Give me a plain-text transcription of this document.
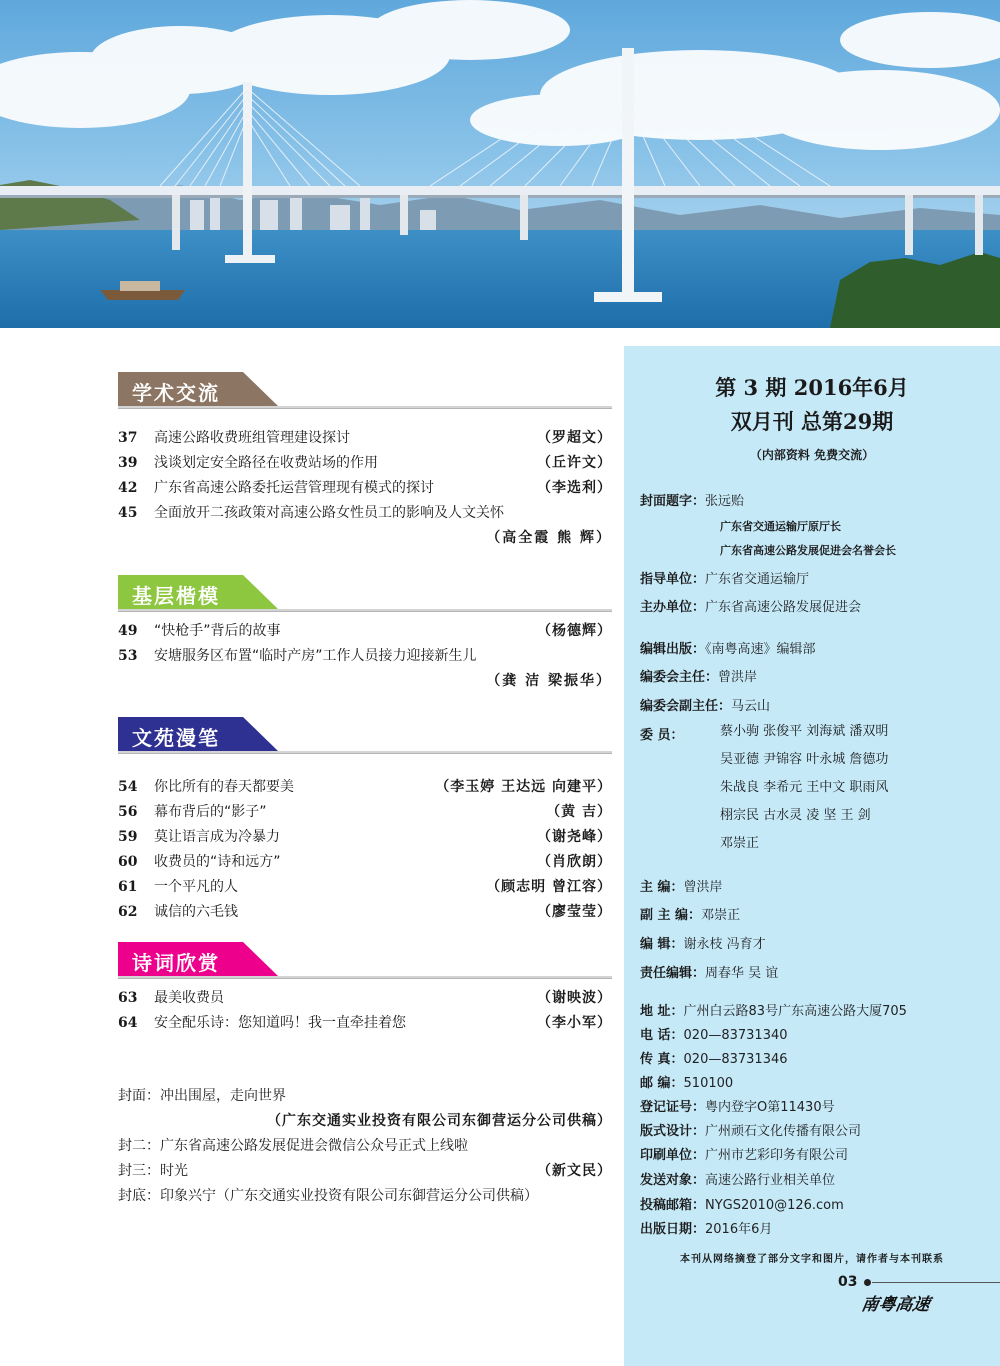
学术交流
37 高速公路收费班组管理建设探讨	（罗超文）
39 浅谈划定安全路径在收费站场的作用	（丘许文）
42 广东省高速公路委托运营管理现有模式的探讨	（李选利）
45 全面放开二孩政策对高速公路女性员工的影响及人文关怀
（高全霞 熊 辉）
基层楷模
49 “快枪手”背后的故事	（杨德辉）
53 安塘服务区布置“临时产房”工作人员接力迎接新生儿
（龚 洁 梁振华）
文苑漫笔
54 你比所有的春天都要美	（李玉婷 王达远 向建平）
56 幕布背后的“影子”	（黄 吉）
59 莫让语言成为冷暴力	（谢尧峰）
60 收费员的“诗和远方”	（肖欣朗）
61 一个平凡的人	（顾志明 曾江容）
62 诚信的六毛钱	（廖莹莹）
诗词欣赏
63 最美收费员	（谢映波）
64 安全配乐诗：您知道吗！我一直牵挂着您	（李小军）
封面：冲出围屋，走向世界
（广东交通实业投资有限公司东御营运分公司供稿）
封二：广东省高速公路发展促进会微信公众号正式上线啦
封三：时光	（新文民）
封底：印象兴宁（广东交通实业投资有限公司东御营运分公司供稿）
第 3 期 2016年6月
双月刊 总第29期
（内部资料 免费交流）
封面题字：张远贻
广东省交通运输厅原厅长
广东省高速公路发展促进会名誉会长
指导单位：广东省交通运输厅
主办单位：广东省高速公路发展促进会
编辑出版：《南粤高速》编辑部
编委会主任：曾洪岸
编委会副主任：马云山
委 员：	蔡小驹 张俊平 刘海斌 潘双明
吴亚德 尹锦容 叶永城 詹德功
朱战良 李希元 王中文 职雨风
栩宗民 古水灵 凌 坚 王 剑
邓崇正
主 编：曾洪岸
副 主 编：邓崇正
编 辑：谢永枝 冯育才
责任编辑：周春华 吴 谊
地 址：广州白云路83号广东高速公路大厦705
电 话：020—83731340
传 真：020—83731346
邮 编：510100
登记证号：粤内登字O第11430号
版式设计：广州顽石文化传播有限公司
印刷单位：广州市艺彩印务有限公司
发送对象：高速公路行业相关单位
投稿邮箱：NYGS2010@126.com
出版日期：2016年6月
本刊从网络摘登了部分文字和图片，请作者与本刊联系
03
南粤高速
